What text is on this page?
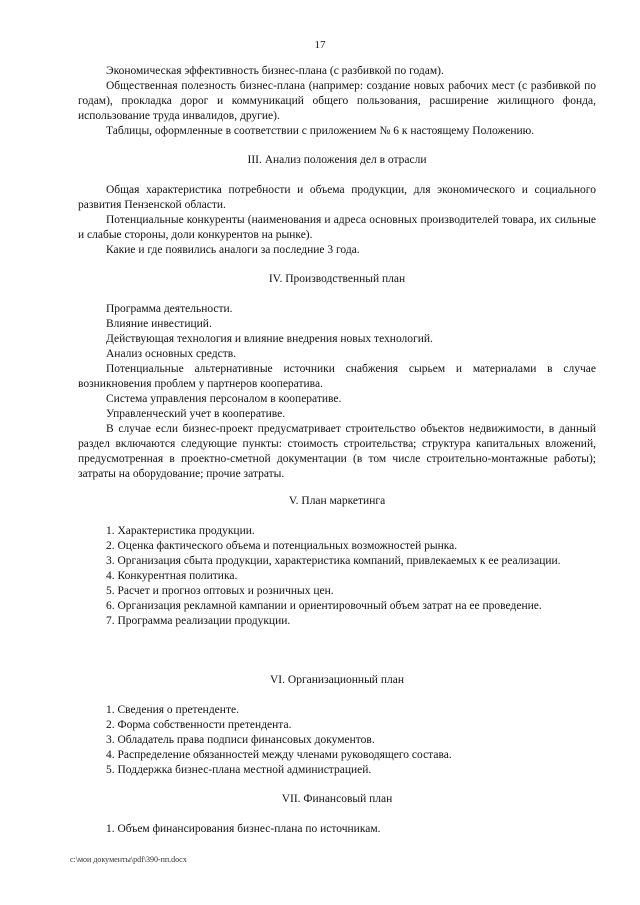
17

Экономическая эффективность бизнес-плана (с разбивкой по годам).

Общественная полезность бизнес-плана (например: создание новых рабочих мест (с разбивкой по годам), прокладка дорог и коммуникаций общего пользования, расширение жилищного фонда, использование труда инвалидов, другие).

Таблицы, оформленные в соответствии с приложением № 6 к настоящему Положению.

III. Анализ положения дел в отрасли

Общая характеристика потребности и объема продукции, для экономического и социального развития Пензенской области.

Потенциальные конкуренты (наименования и адреса основных производителей товара, их сильные и слабые стороны, доли конкурентов на рынке).

Какие и где появились аналоги за последние 3 года.

IV. Производственный план

Программа деятельности.

Влияние инвестиций.

Действующая технология и влияние внедрения новых технологий.

Анализ основных средств.

Потенциальные альтернативные источники снабжения сырьем и материалами в случае возникновения проблем у партнеров кооператива.

Система управления персоналом в кооперативе.

Управленческий учет в кооперативе.

В случае если бизнес-проект предусматривает строительство объектов недвижимости, в данный раздел включаются следующие пункты: стоимость строительства; структура капитальных вложений, предусмотренная в проектно-сметной документации (в том числе строительно-монтажные работы); затраты на оборудование; прочие затраты.

V. План маркетинга

1. Характеристика продукции.

2. Оценка фактического объема и потенциальных возможностей рынка.

3. Организация сбыта продукции, характеристика компаний, привлекаемых к ее реализации.

4. Конкурентная политика.

5. Расчет и прогноз оптовых и розничных цен.

6. Организация рекламной кампании и ориентировочный объем затрат на ее проведение.

7. Программа реализации продукции.

VI. Организационный план

1. Сведения о претенденте.

2. Форма собственности претендента.

3. Обладатель права подписи финансовых документов.

4. Распределение обязанностей между членами руководящего состава.

5. Поддержка бизнес-плана местной администрацией.

VII. Финансовый план

1. Объем финансирования бизнес-плана по источникам.

c:\мои документы\pdf\390-пп.docx
